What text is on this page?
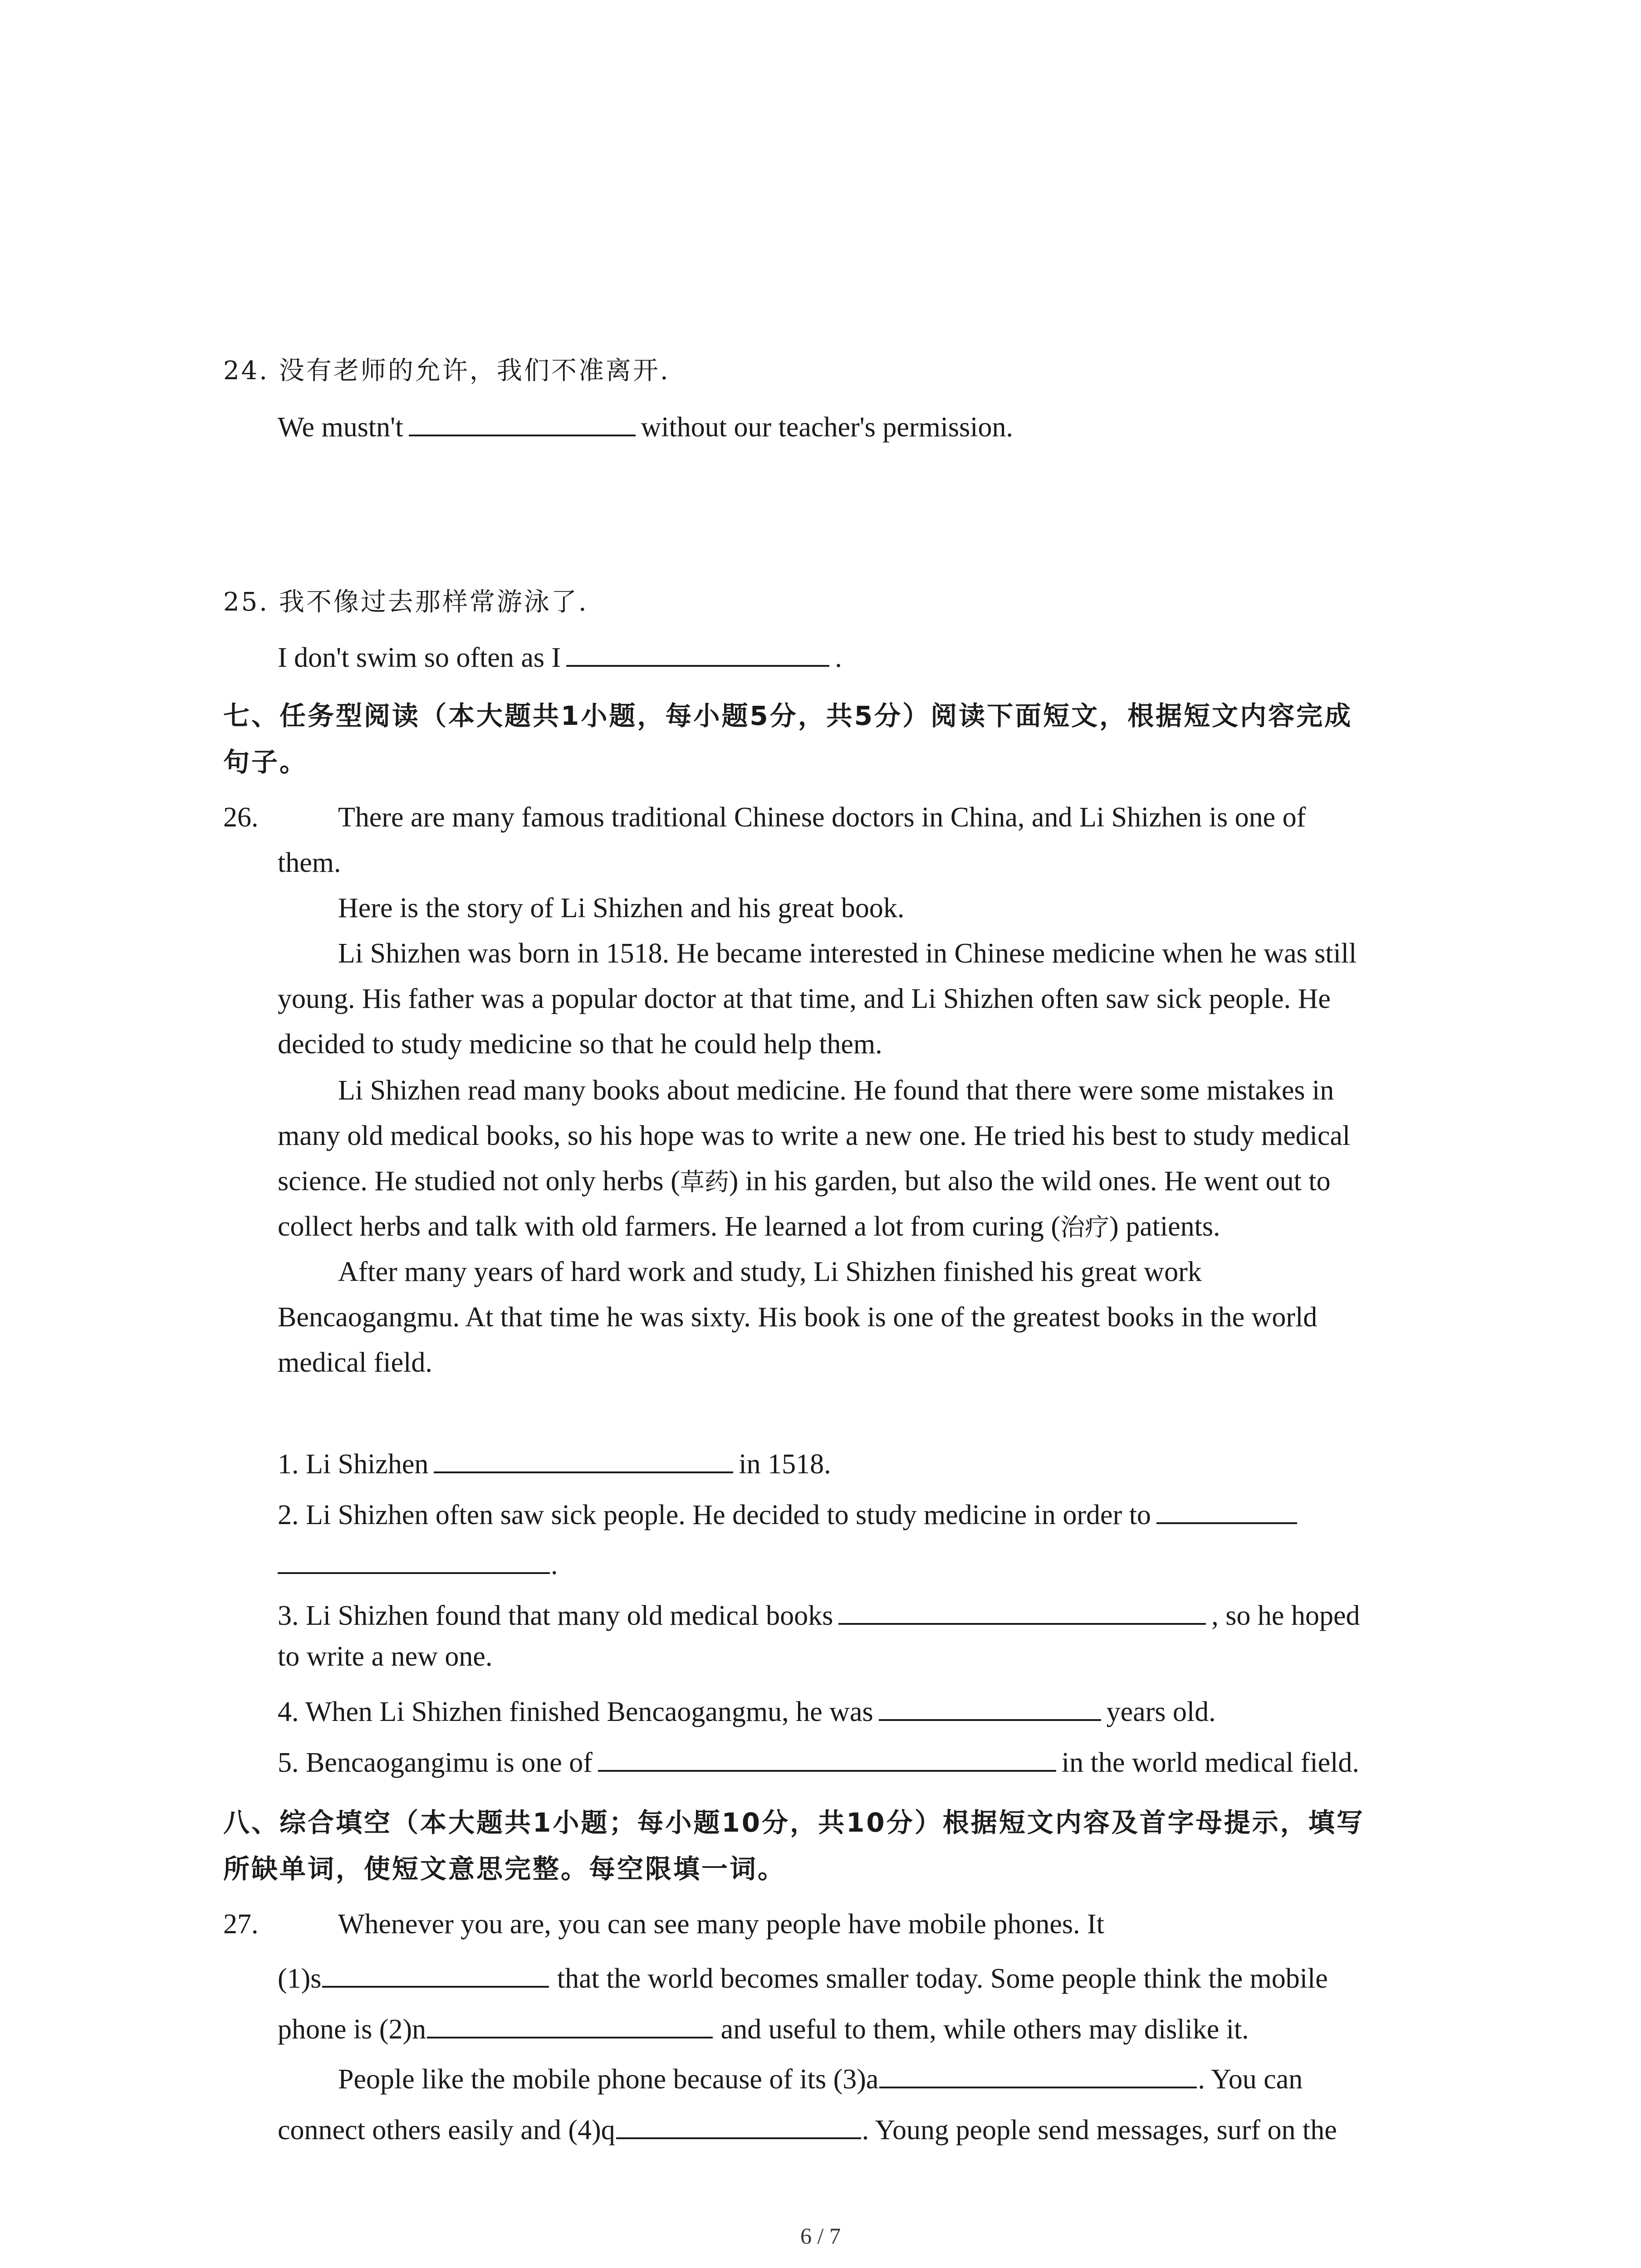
24. 没有老师的允许，我们不准离开.
We mustn't	without our teacher's permission.
25. 我不像过去那样常游泳了.
I don't swim so often as I	.
七、任务型阅读（本大题共1小题，每小题5分，共5分）阅读下面短文，根据短文内容完成
句子。
26.	There are many famous traditional Chinese doctors in China, and Li Shizhen is one of
them.
Here is the story of Li Shizhen and his great book.
Li Shizhen was born in 1518. He became interested in Chinese medicine when he was still
young. His father was a popular doctor at that time, and Li Shizhen often saw sick people. He
decided to study medicine so that he could help them.
Li Shizhen read many books about medicine. He found that there were some mistakes in
many old medical books, so his hope was to write a new one. He tried his best to study medical
science. He studied not only herbs (草药) in his garden, but also the wild ones. He went out to
collect herbs and talk with old farmers. He learned a lot from curing (治疗) patients.
After many years of hard work and study, Li Shizhen finished his great work
Bencaogangmu. At that time he was sixty. His book is one of the greatest books in the world
medical field.
1. Li Shizhen	in 1518.
2. Li Shizhen often saw sick people. He decided to study medicine in order to
.
3. Li Shizhen found that many old medical books	, so he hoped
to write a new one.
4. When Li Shizhen finished Bencaogangmu, he was	years old.
5. Bencaogangimu is one of	in the world medical field.
八、综合填空（本大题共1小题；每小题10分，共10分）根据短文内容及首字母提示，填写
所缺单词，使短文意思完整。每空限填一词。
27.	Whenever you are, you can see many people have mobile phones. It
(1)s	that the world becomes smaller today. Some people think the mobile
phone is (2)n	and useful to them, while others may dislike it.
People like the mobile phone because of its (3)a	. You can
connect others easily and (4)q	. Young people send messages, surf on the
6 / 7
